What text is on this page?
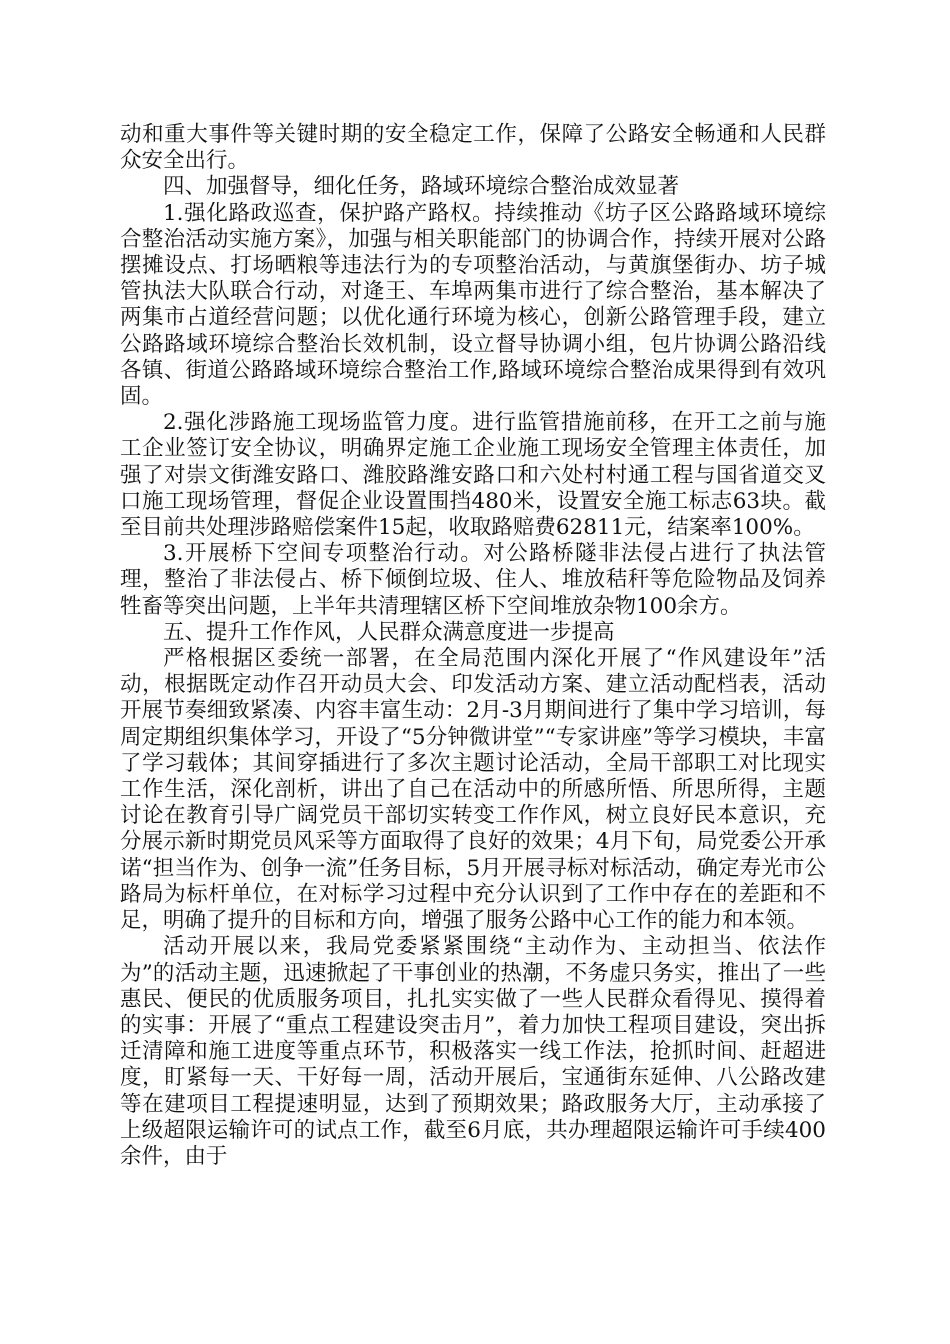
动和重大事件等关键时期的安全稳定工作，保障了公路安全畅通和人民群众安全出行。

四、加强督导，细化任务，路域环境综合整治成效显著

1.强化路政巡查，保护路产路权。持续推动《坊子区公路路域环境综合整治活动实施方案》，加强与相关职能部门的协调合作，持续开展对公路摆摊设点、打场晒粮等违法行为的专项整治活动，与黄旗堡街办、坊子城管执法大队联合行动，对逄王、车埠两集市进行了综合整治，基本解决了两集市占道经营问题；以优化通行环境为核心，创新公路管理手段，建立公路路域环境综合整治长效机制，设立督导协调小组，包片协调公路沿线各镇、街道公路路域环境综合整治工作,路域环境综合整治成果得到有效巩固。

2.强化涉路施工现场监管力度。进行监管措施前移，在开工之前与施工企业签订安全协议，明确界定施工企业施工现场安全管理主体责任，加强了对崇文街潍安路口、潍胶路潍安路口和六处村村通工程与国省道交叉口施工现场管理，督促企业设置围挡480米，设置安全施工标志63块。截至目前共处理涉路赔偿案件15起，收取路赔费62811元，结案率100%。

3.开展桥下空间专项整治行动。对公路桥隧非法侵占进行了执法管理，整治了非法侵占、桥下倾倒垃圾、住人、堆放秸秆等危险物品及饲养牲畜等突出问题，上半年共清理辖区桥下空间堆放杂物100余方。

五、提升工作作风，人民群众满意度进一步提高

严格根据区委统一部署，在全局范围内深化开展了“作风建设年”活动，根据既定动作召开动员大会、印发活动方案、建立活动配档表，活动开展节奏细致紧凑、内容丰富生动：2月-3月期间进行了集中学习培训，每周定期组织集体学习，开设了“5分钟微讲堂”“专家讲座”等学习模块，丰富了学习载体；其间穿插进行了多次主题讨论活动，全局干部职工对比现实工作生活，深化剖析，讲出了自己在活动中的所感所悟、所思所得，主题讨论在教育引导广阔党员干部切实转变工作作风，树立良好民本意识，充分展示新时期党员风采等方面取得了良好的效果；4月下旬，局党委公开承诺“担当作为、创争一流”任务目标，5月开展寻标对标活动，确定寿光市公路局为标杆单位，在对标学习过程中充分认识到了工作中存在的差距和不足，明确了提升的目标和方向，增强了服务公路中心工作的能力和本领。

活动开展以来，我局党委紧紧围绕“主动作为、主动担当、依法作为”的活动主题，迅速掀起了干事创业的热潮，不务虚只务实，推出了一些惠民、便民的优质服务项目，扎扎实实做了一些人民群众看得见、摸得着的实事：开展了“重点工程建设突击月”，着力加快工程项目建设，突出拆迁清障和施工进度等重点环节，积极落实一线工作法，抢抓时间、赶超进度，盯紧每一天、干好每一周，活动开展后，宝通街东延伸、八公路改建等在建项目工程提速明显，达到了预期效果；路政服务大厅，主动承接了上级超限运输许可的试点工作，截至6月底，共办理超限运输许可手续400余件，由于
